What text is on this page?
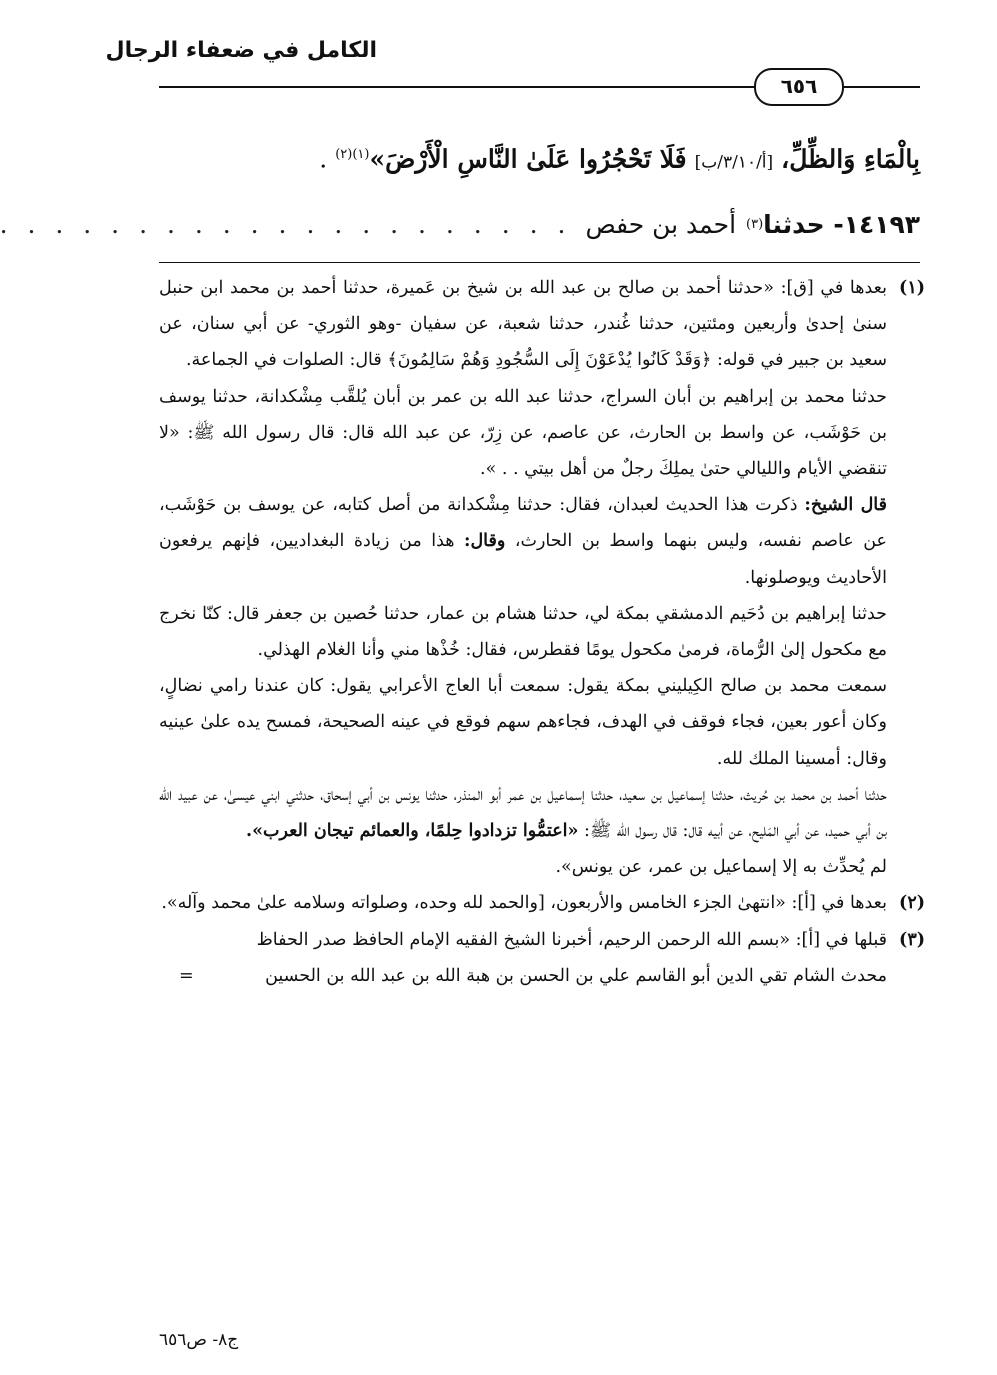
الكامل في ضعفاء الرجال
٦٥٦
بِالْمَاءِ وَالظِّلِّ، [أ/٣/١٠/ب] فَلَا تَحْجُرُوا عَلَىٰ النَّاسِ الْأَرْضَ»$^{(١)(٢)}$ .
١٤١٩٣- حدثنا
(٣)
أحمد بن حفص
. . . . . . . . . . . . . . . . . . . . .
(١)

بعدها في [ق]: «حدثنا أحمد بن صالح بن عبد الله بن شيخ بن عَميرة، حدثنا أحمد بن محمد ابن حنبل سنىٰ إحدىٰ وأربعين ومئتين، حدثنا غُندر، حدثنا شعبة، عن سفيان -وهو الثوري- عن أبي سنان، عن سعيد بن جبير في قوله: ﴿وَقَدْ كَانُوا يُدْعَوْنَ إِلَى السُّجُودِ وَهُمْ سَالِمُونَ﴾ قال: الصلوات في الجماعة.

حدثنا محمد بن إبراهيم بن أبان السراج، حدثنا عبد الله بن عمر بن أبان يُلقَّب مِشْكدانة، حدثنا يوسف بن حَوْشَب، عن واسط بن الحارث، عن عاصم، عن زِرّ، عن عبد الله قال: قال رسول الله ﷺ: «لا تنقضي الأيام والليالي حتىٰ يملِكَ رجلٌ من أهل بيتي . . ».

قال الشيخ: ذكرت هذا الحديث لعبدان، فقال: حدثنا مِشْكدانة من أصل كتابه، عن يوسف بن حَوْشَب، عن عاصم نفسه، وليس بنهما واسط بن الحارث، وقال: هذا من زيادة البغداديين، فإنهم يرفعون الأحاديث ويوصلونها.

حدثنا إبراهيم بن دُحَيم الدمشقي بمكة لي، حدثنا هشام بن عمار، حدثنا حُصين بن جعفر قال: كنّا نخرج مع مكحول إلىٰ الرُّماة، فرمىٰ مكحول يومًا فقطرس، فقال: خُذْها مني وأنا الغلام الهذلي.

سمعت محمد بن صالح الكِيليني بمكة يقول: سمعت أبا العاج الأعرابي يقول: كان عندنا رامي نضالٍ، وكان أعور بعين، فجاء فوقف في الهدف، فجاءهم سهم فوقع في عينه الصحيحة، فمسح يده علىٰ عينيه وقال: أمسينا الملك لله.

حدثنا أحمد بن محمد بن حُريث، حدثنا إسماعيل بن سعيد، حدثنا إسماعيل بن عمر أبو المنذر، حدثنا يونس بن أبي إسحاق، حدثني ابني عيسىٰ، عن عبيد الله بن أبي حميد، عن أبي المَليح، عن أبيه قال: قال رسول الله ﷺ: «اعتمُّوا تزدادوا حِلمًا، والعمائم تيجان العرب».

لم يُحدِّث به إلا إسماعيل بن عمر، عن يونس».

(٢)

بعدها في [أ]: «انتهىٰ الجزء الخامس والأربعون، [والحمد لله وحده، وصلواته وسلامه علىٰ محمد وآله».

(٣)

قبلها في [أ]: «بسم الله الرحمن الرحيم، أخبرنا الشيخ الفقيه الإمام الحافظ صدر الحفاظ

محدث الشام تقي الدين أبو القاسم علي بن الحسن بن هبة الله بن عبد الله بن الحسين
=

ج٨- ص٦٥٦
